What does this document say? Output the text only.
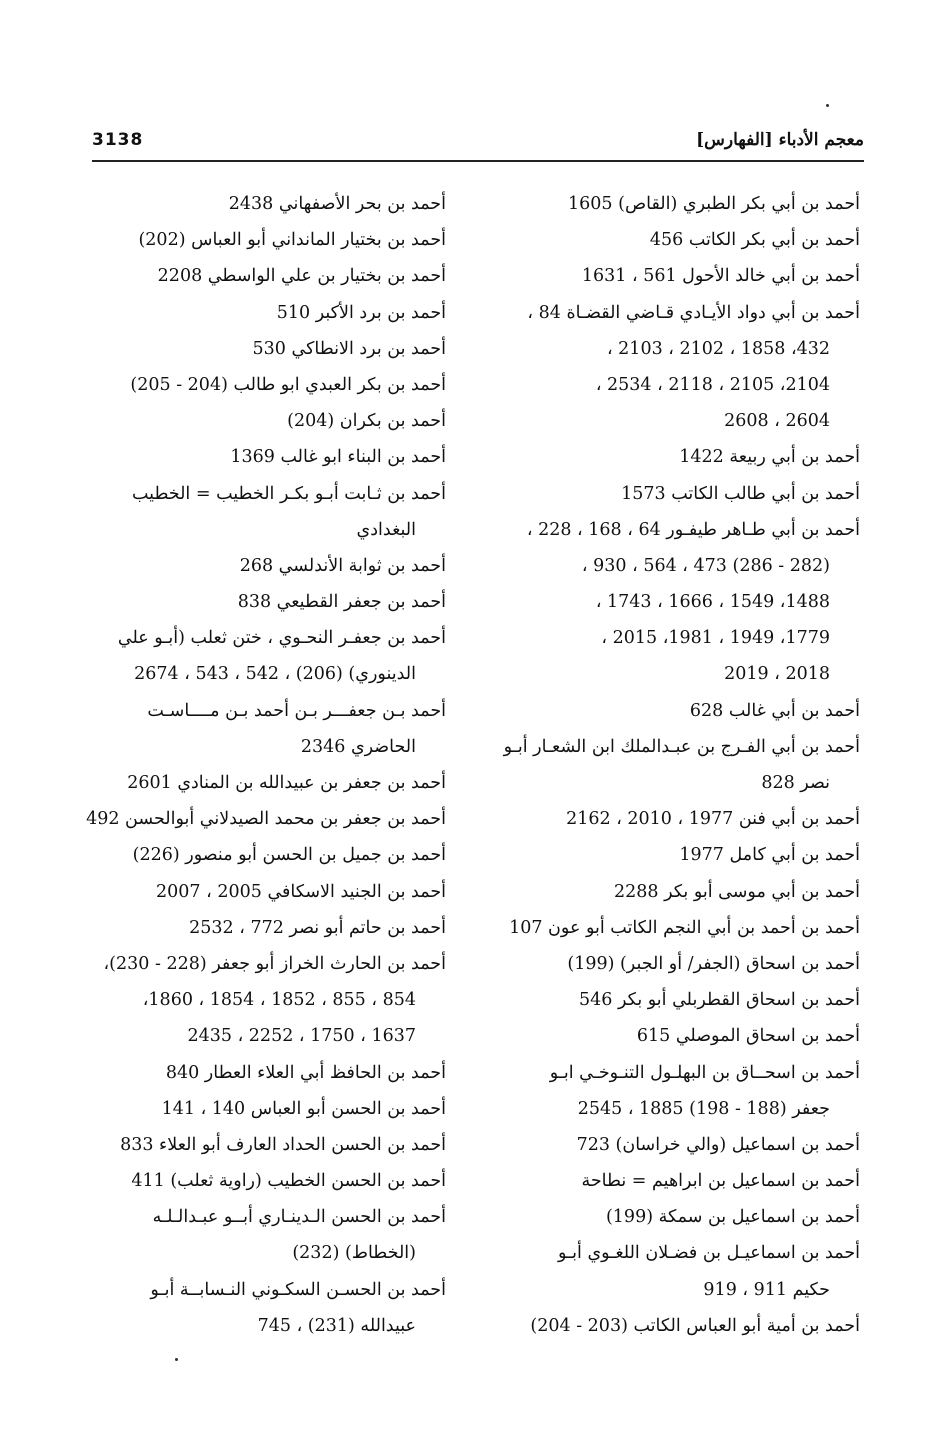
معجم الأدباء [الفهارس]
3138
أحمد بن أبي بكر الطبري (القاص) 1605
أحمد بن أبي بكر الكاتب 456
أحمد بن أبي خالد الأحول 561 ، 1631
أحمد بن أبي دواد الأيـادي قـاضي القضـاة 84 ،
432، 1858 ، 2102 ، 2103 ،
2104، 2105 ، 2118 ، 2534 ،
2604 ، 2608
أحمد بن أبي ربيعة 1422
أحمد بن أبي طالب الكاتب 1573
أحمد بن أبي طـاهر طيفـور 64 ، 168 ، 228 ،
(282 - 286) 473 ، 564 ، 930 ،
1488، 1549 ، 1666 ، 1743 ،
1779، 1949 ، 1981، 2015 ،
2018 ، 2019
أحمد بن أبي غالب 628
أحمد بن أبي الفـرج بن عبـدالملك ابن الشعـار أبـو
نصر 828
أحمد بن أبي فنن 1977 ، 2010 ، 2162
أحمد بن أبي كامل 1977
أحمد بن أبي موسى أبو بكر 2288
أحمد بن أحمد بن أبي النجم الكاتب أبو عون 107
أحمد بن اسحاق (الجفر/ أو الجبر) (199)
أحمد بن اسحاق القطربلي أبو بكر 546
أحمد بن اسحاق الموصلي 615
أحمد بن اسحــاق بن البهلـول التنـوخـي ابـو
جعفر (188 - 198) 1885 ، 2545
أحمد بن اسماعيل (والي خراسان) 723
أحمد بن اسماعيل بن ابراهيم = نطاحة
أحمد بن اسماعيل بن سمكة (199)
أحمد بن اسماعيـل بن فضـلان اللغـوي أبـو
حكيم 911 ، 919
أحمد بن أمية أبو العباس الكاتب (203 - 204)
أحمد بن بحر الأصفهاني 2438
أحمد بن بختيار المانداني أبو العباس (202)
أحمد بن بختيار بن علي الواسطي 2208
أحمد بن برد الأكبر 510
أحمد بن برد الانطاكي 530
أحمد بن بكر العبدي ابو طالب (204 - 205)
أحمد بن بكران (204)
أحمد بن البناء ابو غالب 1369
أحمد بن ثـابت أبـو بكـر الخطيب = الخطيب
البغدادي
أحمد بن ثوابة الأندلسي 268
أحمد بن جعفر القطيعي 838
أحمد بن جعفـر النحـوي ، ختن ثعلب (أبـو علي
الدينوري) (206) ، 542 ، 543 ، 2674
أحمد بـن جعفـــر بـن أحمد بـن مــــاسـت
الحاضري 2346
أحمد بن جعفر بن عبيدالله بن المنادي 2601
أحمد بن جعفر بن محمد الصيدلاني أبوالحسن 492
أحمد بن جميل بن الحسن أبو منصور (226)
أحمد بن الجنيد الاسكافي 2005 ، 2007
أحمد بن حاتم أبو نصر 772 ، 2532
أحمد بن الحارث الخراز أبو جعفر (228 - 230)،
854 ، 855 ، 1852 ، 1854 ، 1860،
1637 ، 1750 ، 2252 ، 2435
أحمد بن الحافظ أبي العلاء العطار 840
أحمد بن الحسن أبو العباس 140 ، 141
أحمد بن الحسن الحداد العارف أبو العلاء 833
أحمد بن الحسن الخطيب (راوية ثعلب) 411
أحمد بن الحسن الـدينـاري أبــو عبـدالـلـه
(الخطاط) (232)
أحمد بن الحسـن السكـوني النـسابــة أبـو
عبيدالله (231) ، 745
